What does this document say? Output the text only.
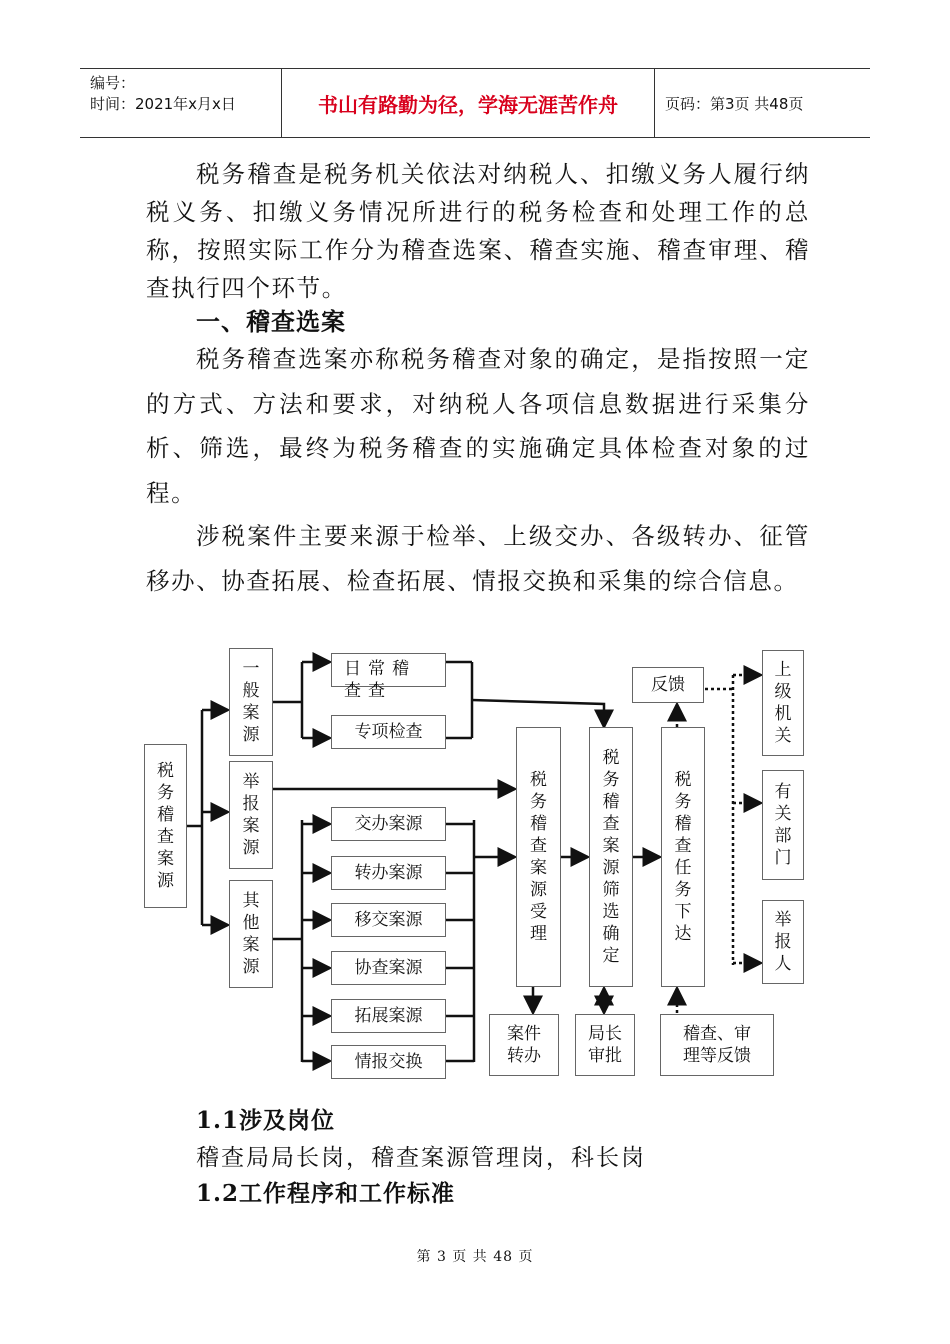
编号：
时间：2021年x月x日	书山有路勤为径，学海无涯苦作舟	页码：第3页 共48页

税务稽查是税务机关依法对纳税人、扣缴义务人履行纳税义务、扣缴义务情况所进行的税务检查和处理工作的总称，按照实际工作分为稽查选案、稽查实施、稽查审理、稽查执行四个环节。

一、稽查选案

税务稽查选案亦称税务稽查对象的确定，是指按照一定的方式、方法和要求，对纳税人各项信息数据进行采集分析、筛选，最终为税务稽查的实施确定具体检查对象的过程。

涉税案件主要来源于检举、上级交办、各级转办、征管移办、协查拓展、检查拓展、情报交换和采集的综合信息。

税
务
稽
查
案
源
一
般
案
源
举
报
案
源
其
他
案
源
日常稽查查
专项检查
交办案源
转办案源
移交案源
协查案源
拓展案源
情报交换
税
务
稽
查
案
源
受
理
税
务
稽
查
案
源
筛
选
确
定
税
务
稽
查
任
务
下
达
反馈
上
级
机
关
有
关
部
门
举
报
人
案件
转办
局长
审批
稽查、审
理等反馈

1.1涉及岗位

稽查局局长岗，稽查案源管理岗，科长岗

1.2工作程序和工作标准

第 3 页 共 48 页
